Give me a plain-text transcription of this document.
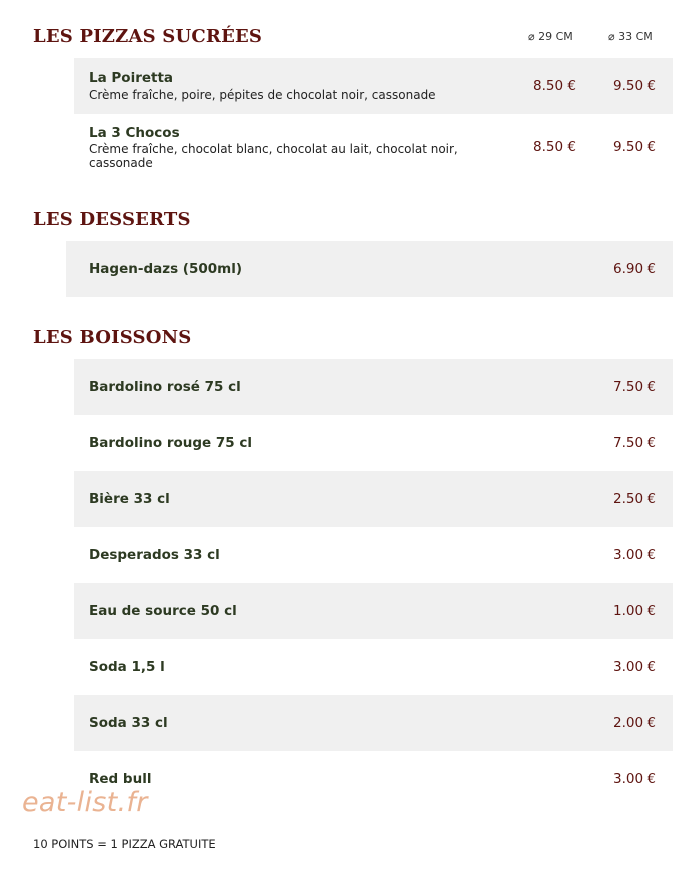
LES PIZZAS SUCRÉES	⌀ 29 CM	⌀ 33 CM
La Poiretta
Crème fraîche, poire, pépites de chocolat noir, cassonade
8.50 €	9.50 €
La 3 Chocos
Crème fraîche, chocolat blanc, chocolat au lait, chocolat noir, cassonade
8.50 €	9.50 €
LES DESSERTS
Hagen-dazs (500ml)	6.90 €
LES BOISSONS
Bardolino rosé 75 cl	7.50 €
Bardolino rouge 75 cl	7.50 €
Bière 33 cl	2.50 €
Desperados 33 cl	3.00 €
Eau de source 50 cl	1.00 €
Soda 1,5 l	3.00 €
Soda 33 cl	2.00 €
Red bull	3.00 €
eat-list.fr
10 POINTS = 1 PIZZA GRATUITE
